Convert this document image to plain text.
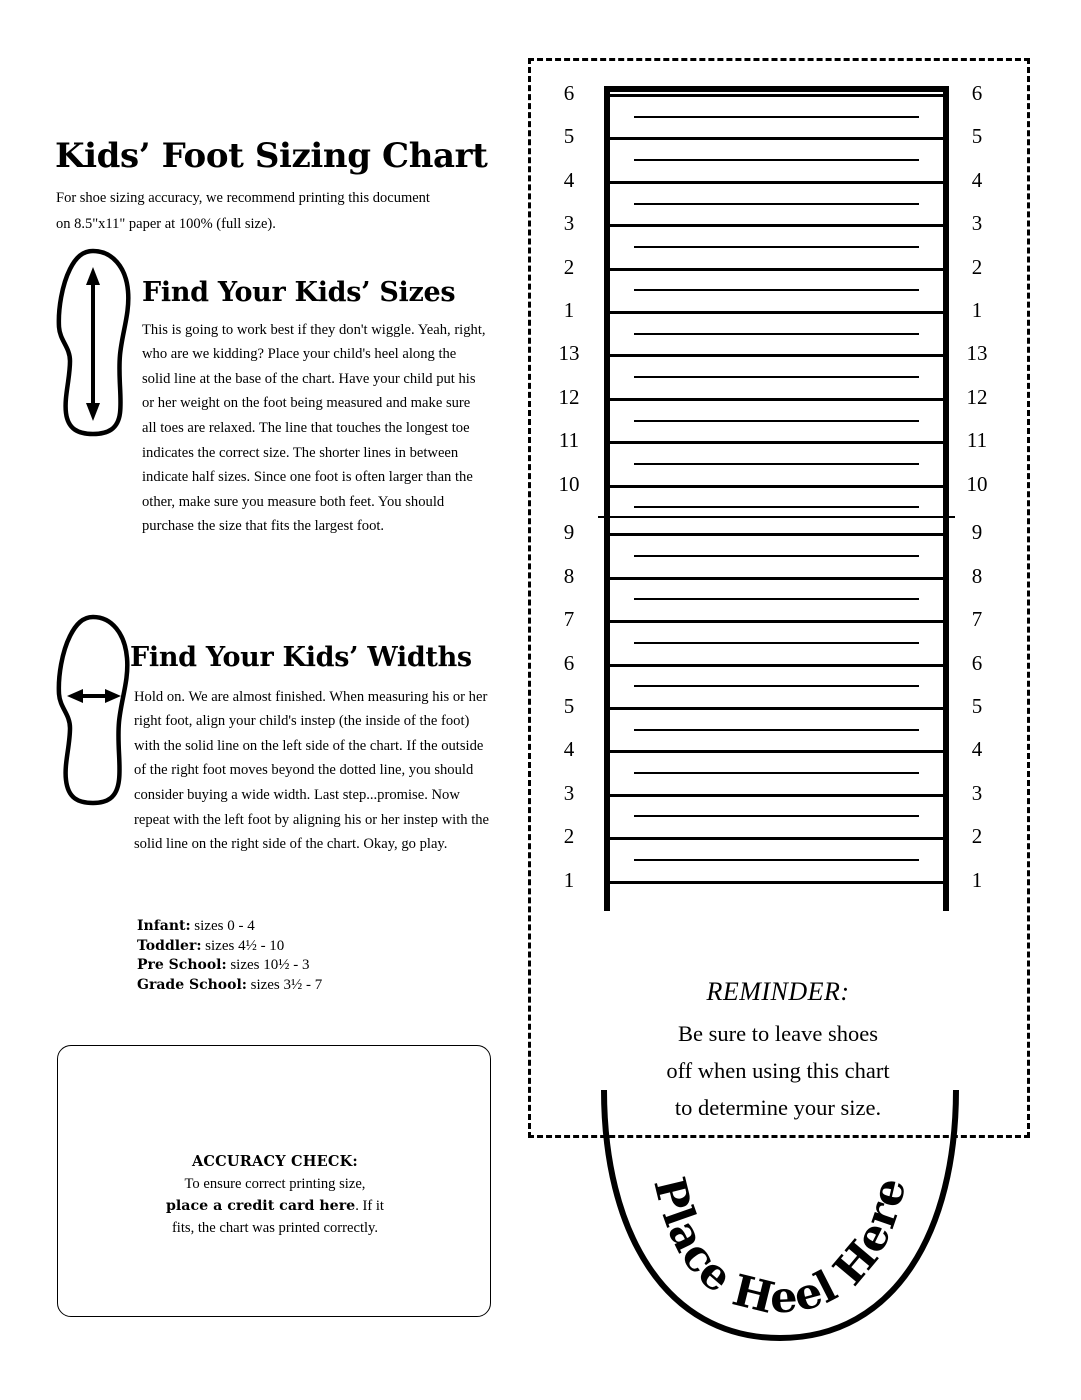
Kids’ Foot Sizing Chart

For shoe sizing accuracy, we recommend printing this document on 8.5"x11" paper at 100% (full size).

Find Your Kids’ Sizes

This is going to work best if they don't wiggle. Yeah, right, who are we kidding? Place your child's heel along the solid line at the base of the chart. Have your child put his or her weight on the foot being measured and make sure all toes are relaxed. The line that touches the longest toe indicates the correct size. The shorter lines in between indicate half sizes. Since one foot is often larger than the other, make sure you measure both feet. You should purchase the size that fits the largest foot.

Find Your Kids’ Widths

Hold on. We are almost finished. When measuring his or her right foot, align your child's instep (the inside of the foot) with the solid line on the left side of the chart. If the outside of the right foot moves beyond the dotted line, you should consider buying a wide width. Last step...promise. Now repeat with the left foot by aligning his or her instep with the solid line on the right side of the chart. Okay, go play.

Infant: sizes 0 - 4
Toddler: sizes 4½ - 10
Pre School: sizes 10½ - 3
Grade School: sizes 3½ - 7
ACCURACY CHECK:
To ensure correct printing size,
place a credit card here. If it
fits, the chart was printed correctly.
6	6
5	5
4	4
3	3
2	2
1	1
13	13
12	12
11	11
10	10
9	9
8	8
7	7
6	6
5	5
4	4
3	3
2	2
1	1
REMINDER:
Be sure to leave shoes
off when using this chart
to determine your size.
Place Heel Here
